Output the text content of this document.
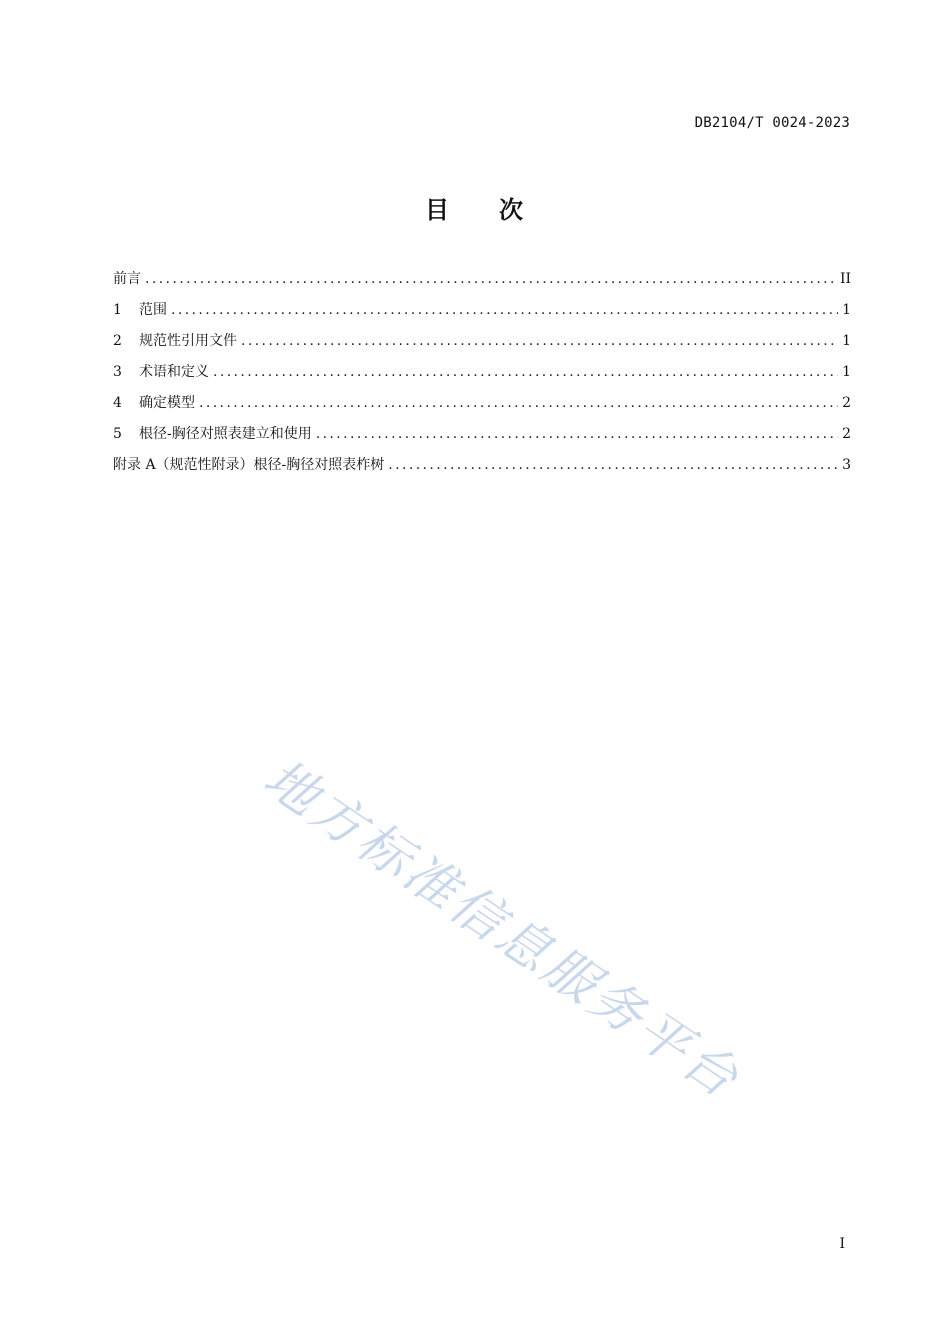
DB2104/T 0024-2023
目 次
前言 .....	II
1	范围 .....	1
2	规范性引用文件 .....	1
3	术语和定义 .....	1
4	确定模型 .....	2
5	根径-胸径对照表建立和使用 .....	2
附录 A（规范性附录）根径-胸径对照表柞树 .....	3
地方标准信息服务平台
I
